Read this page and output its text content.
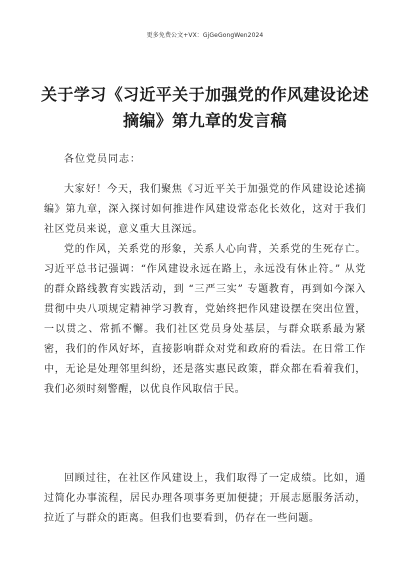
更多免费公文+VX：GjGeGongWen2024
关于学习《习近平关于加强党的作风建设论述摘编》第九章的发言稿
各位党员同志：

大家好！今天，我们聚焦《习近平关于加强党的作风建设论述摘编》第九章，深入探讨如何推进作风建设常态化长效化，这对于我们社区党员来说，意义重大且深远。

党的作风，关系党的形象，关系人心向背，关系党的生死存亡。习近平总书记强调：“作风建设永远在路上，永远没有休止符。” 从党的群众路线教育实践活动，到 “三严三实” 专题教育，再到如今深入贯彻中央八项规定精神学习教育，党始终把作风建设摆在突出位置，一以贯之、常抓不懈。我们社区党员身处基层，与群众联系最为紧密，我们的作风好坏，直接影响群众对党和政府的看法。在日常工作中，无论是处理邻里纠纷，还是落实惠民政策，群众都在看着我们，我们必须时刻警醒，以优良作风取信于民。

回顾过往，在社区作风建设上，我们取得了一定成绩。比如，通过简化办事流程，居民办理各项事务更加便捷；开展志愿服务活动，拉近了与群众的距离。但我们也要看到，仍存在一些问题。
